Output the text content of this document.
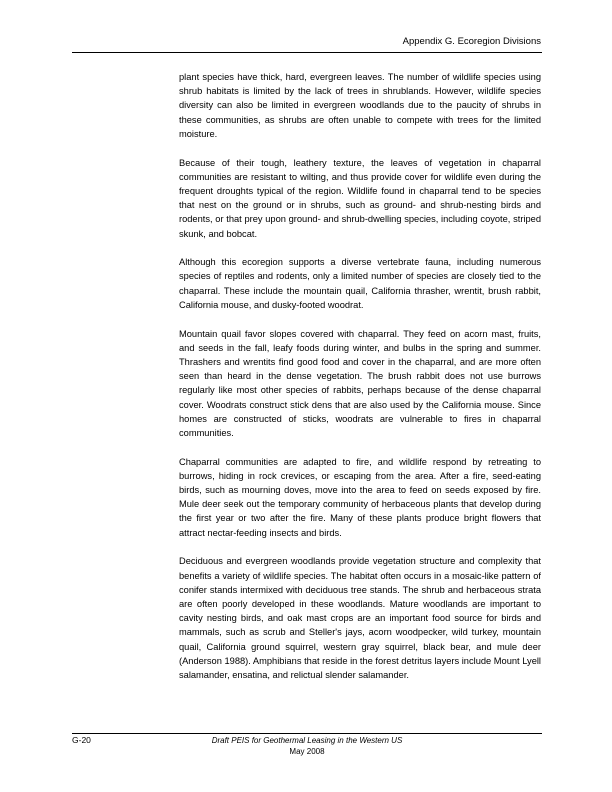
Appendix G. Ecoregion Divisions

plant species have thick, hard, evergreen leaves. The number of wildlife species using shrub habitats is limited by the lack of trees in shrublands. However, wildlife species diversity can also be limited in evergreen woodlands due to the paucity of shrubs in these communities, as shrubs are often unable to compete with trees for the limited moisture.

Because of their tough, leathery texture, the leaves of vegetation in chaparral communities are resistant to wilting, and thus provide cover for wildlife even during the frequent droughts typical of the region. Wildlife found in chaparral tend to be species that nest on the ground or in shrubs, such as ground- and shrub-nesting birds and rodents, or that prey upon ground- and shrub-dwelling species, including coyote, striped skunk, and bobcat.

Although this ecoregion supports a diverse vertebrate fauna, including numerous species of reptiles and rodents, only a limited number of species are closely tied to the chaparral. These include the mountain quail, California thrasher, wrentit, brush rabbit, California mouse, and dusky-footed woodrat.

Mountain quail favor slopes covered with chaparral. They feed on acorn mast, fruits, and seeds in the fall, leafy foods during winter, and bulbs in the spring and summer. Thrashers and wrentits find good food and cover in the chaparral, and are more often seen than heard in the dense vegetation. The brush rabbit does not use burrows regularly like most other species of rabbits, perhaps because of the dense chaparral cover. Woodrats construct stick dens that are also used by the California mouse. Since homes are constructed of sticks, woodrats are vulnerable to fires in chaparral communities.

Chaparral communities are adapted to fire, and wildlife respond by retreating to burrows, hiding in rock crevices, or escaping from the area. After a fire, seed-eating birds, such as mourning doves, move into the area to feed on seeds exposed by fire. Mule deer seek out the temporary community of herbaceous plants that develop during the first year or two after the fire. Many of these plants produce bright flowers that attract nectar-feeding insects and birds.

Deciduous and evergreen woodlands provide vegetation structure and complexity that benefits a variety of wildlife species. The habitat often occurs in a mosaic-like pattern of conifer stands intermixed with deciduous tree stands. The shrub and herbaceous strata are often poorly developed in these woodlands. Mature woodlands are important to cavity nesting birds, and oak mast crops are an important food source for birds and mammals, such as scrub and Steller's jays, acorn woodpecker, wild turkey, mountain quail, California ground squirrel, western gray squirrel, black bear, and mule deer (Anderson 1988). Amphibians that reside in the forest detritus layers include Mount Lyell salamander, ensatina, and relictual slender salamander.

G-20	Draft PEIS for Geothermal Leasing in the Western US
May 2008
